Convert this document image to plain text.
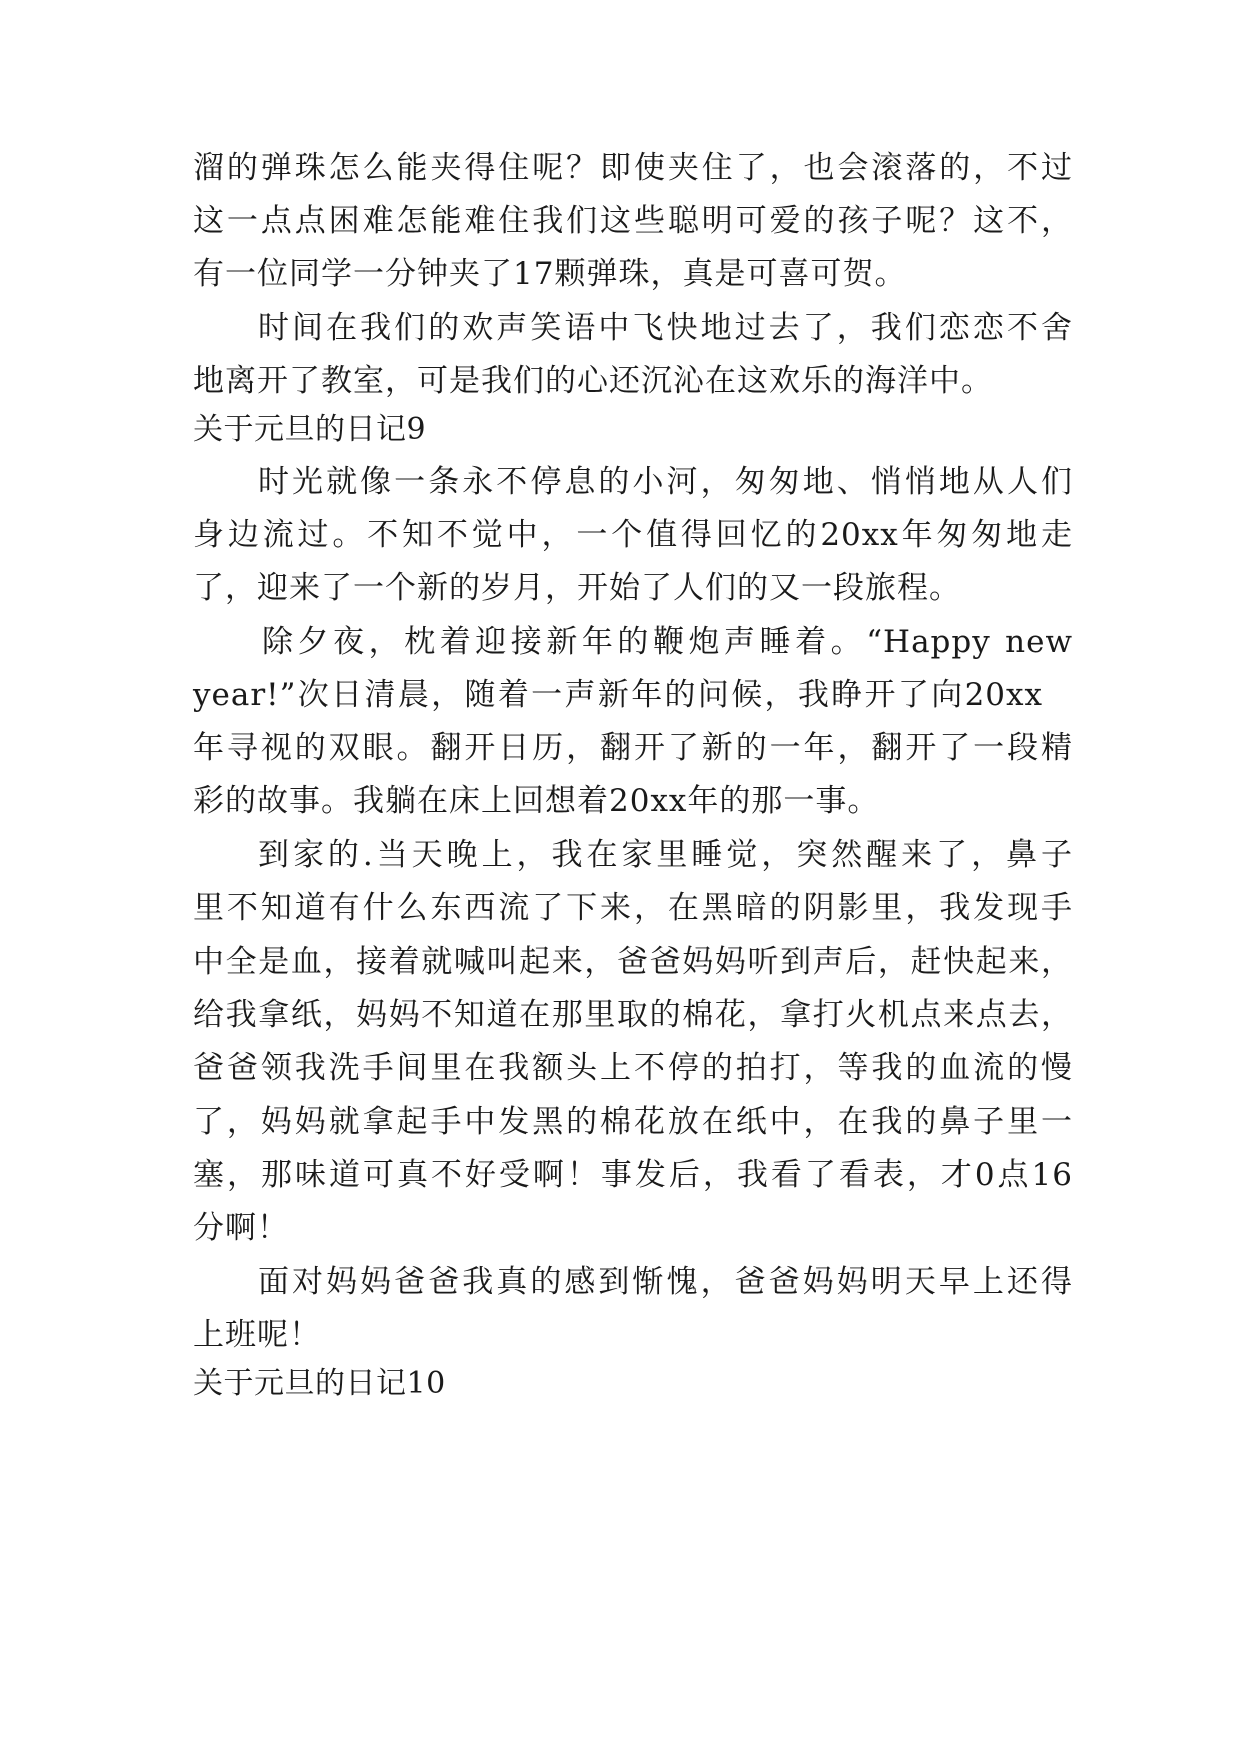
溜的弹珠怎么能夹得住呢？即使夹住了，也会滚落的，不过
这一点点困难怎能难住我们这些聪明可爱的孩子呢？这不，
有一位同学一分钟夹了17颗弹珠，真是可喜可贺。
时间在我们的欢声笑语中飞快地过去了，我们恋恋不舍
地离开了教室，可是我们的心还沉沁在这欢乐的海洋中。
关于元旦的日记9
时光就像一条永不停息的小河，匆匆地、悄悄地从人们
身边流过。不知不觉中，一个值得回忆的20xx年匆匆地走
了，迎来了一个新的岁月，开始了人们的又一段旅程。
除夕夜，枕着迎接新年的鞭炮声睡着。“Happy new
year!”次日清晨，随着一声新年的问候，我睁开了向20xx
年寻视的双眼。翻开日历，翻开了新的一年，翻开了一段精
彩的故事。我躺在床上回想着20xx年的那一事。
到家的.当天晚上，我在家里睡觉，突然醒来了，鼻子
里不知道有什么东西流了下来，在黑暗的阴影里，我发现手
中全是血，接着就喊叫起来，爸爸妈妈听到声后，赶快起来，
给我拿纸，妈妈不知道在那里取的棉花，拿打火机点来点去，
爸爸领我洗手间里在我额头上不停的拍打，等我的血流的慢
了，妈妈就拿起手中发黑的棉花放在纸中，在我的鼻子里一
塞，那味道可真不好受啊！事发后，我看了看表，才0点16
分啊！
面对妈妈爸爸我真的感到惭愧，爸爸妈妈明天早上还得
上班呢！
关于元旦的日记10
